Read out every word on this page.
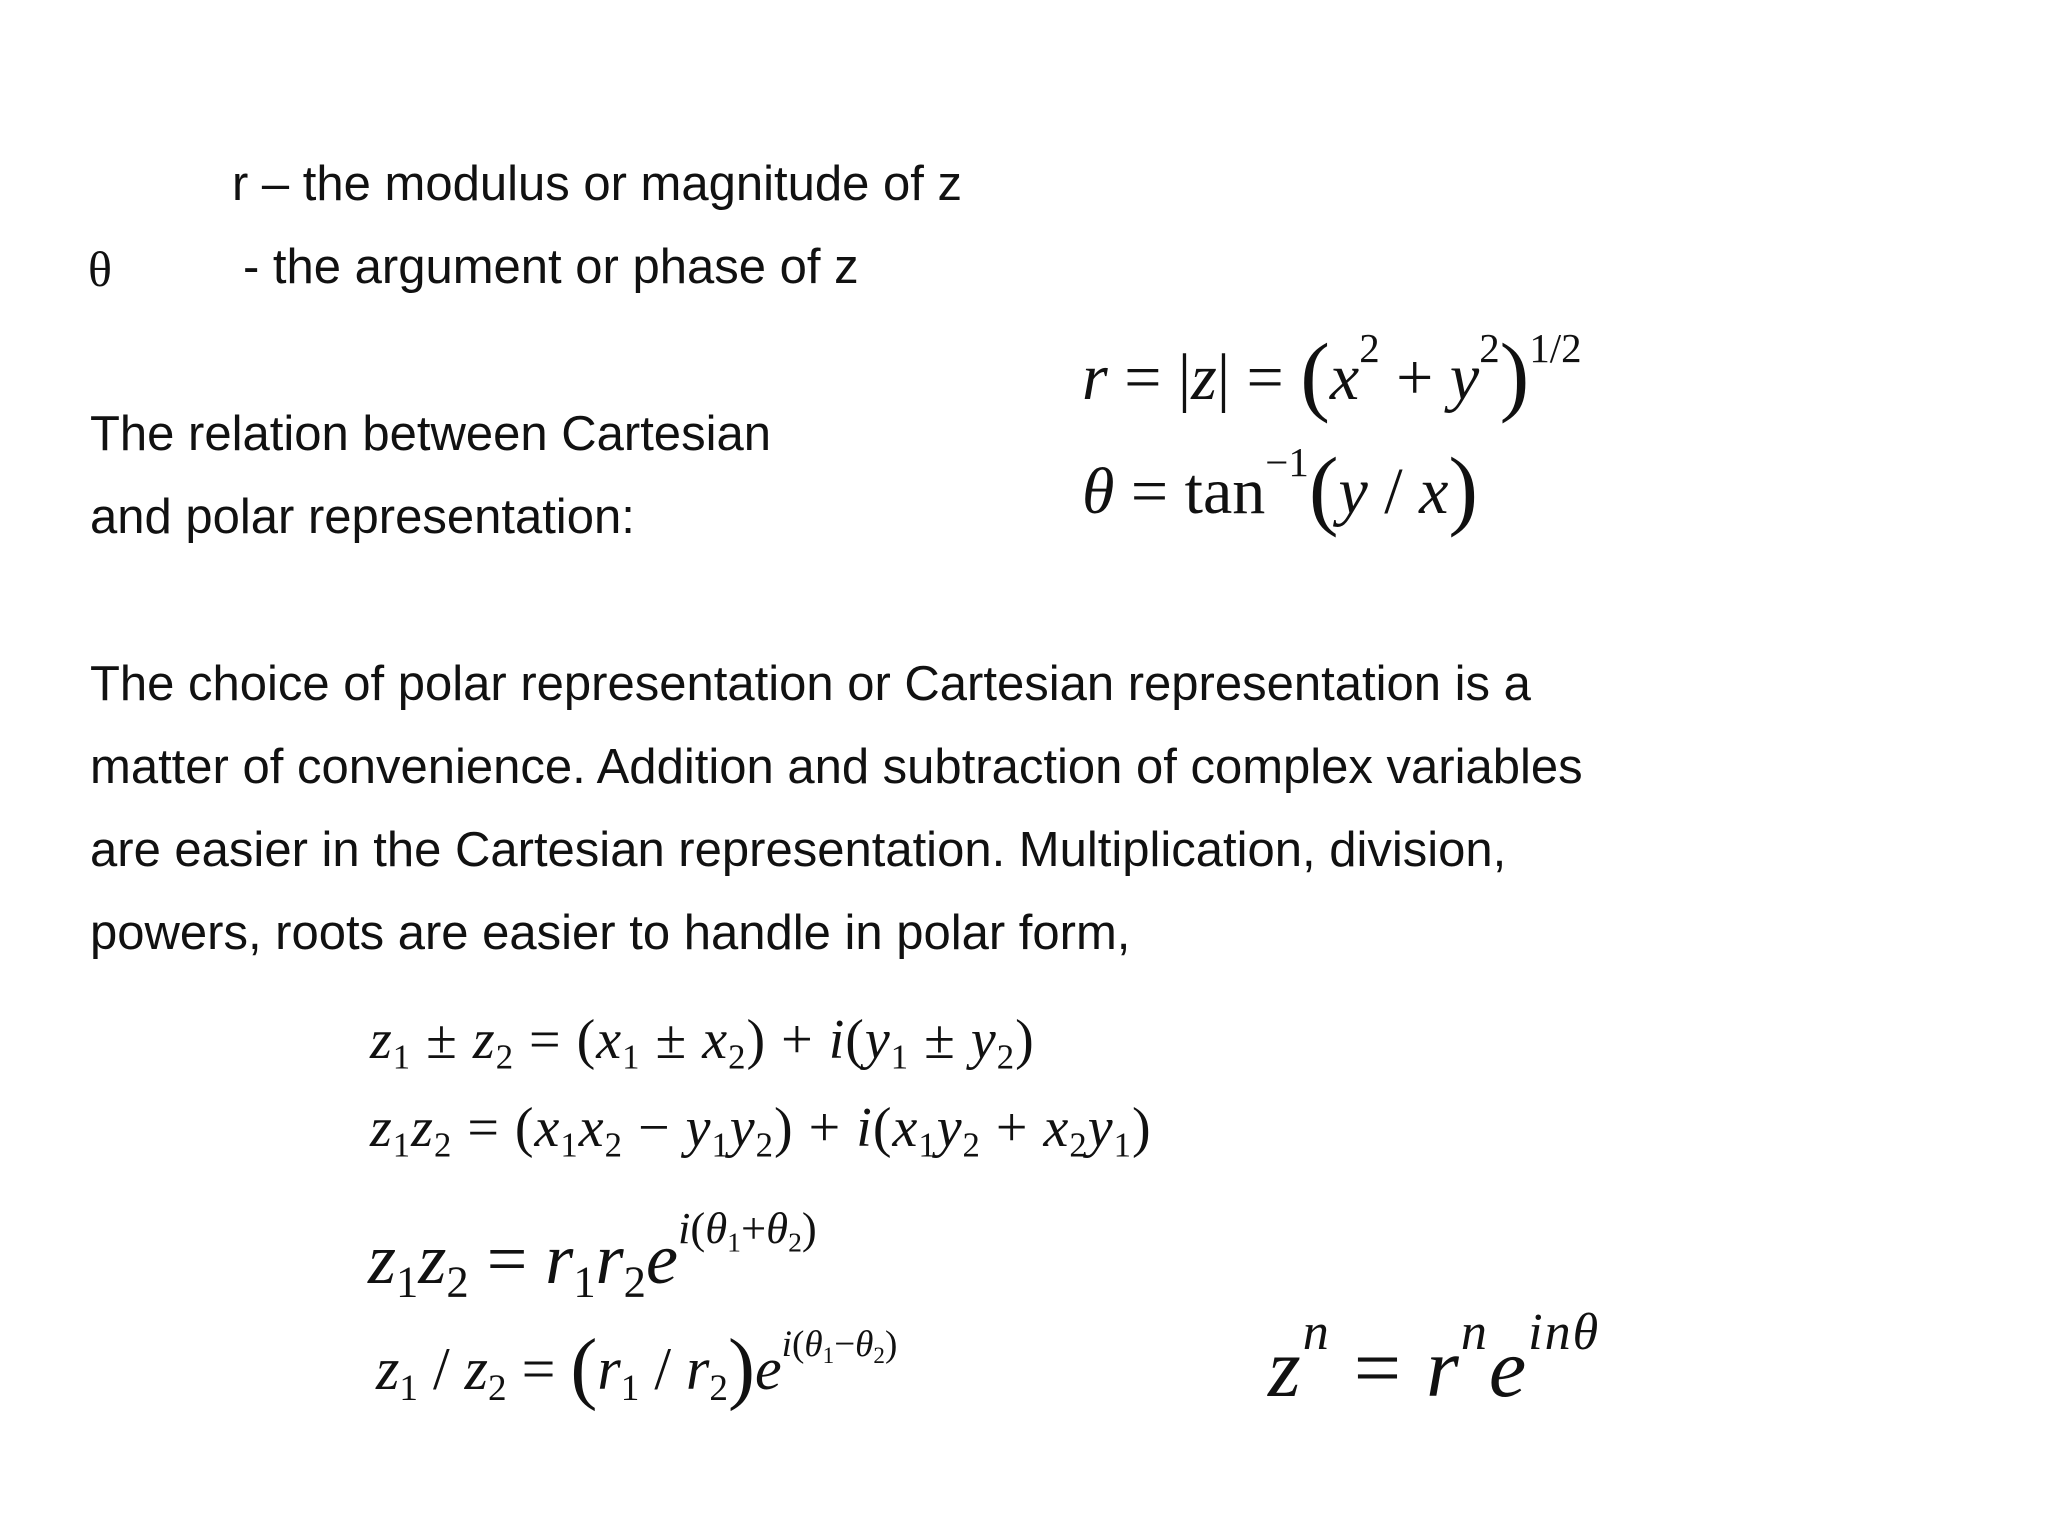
r – the modulus or magnitude of z
θ	- the argument or phase of z
The relation between Cartesian
and polar representation:
$r = |z| = (x^2 + y^2)^{1/2}$
$\theta = \tan^{-1}(y / x)$
The choice of polar representation or Cartesian representation is a
matter of convenience. Addition and subtraction of complex variables
are easier in the Cartesian representation. Multiplication, division,
powers, roots are easier to handle in polar form,
$z_1 \pm z_2 = (x_1 \pm x_2) + i(y_1 \pm y_2)$
$z_1z_2 = (x_1x_2 - y_1y_2) + i(x_1y_2 + x_2y_1)$
$z_1z_2 = r_1r_2e^{i(\theta_1+\theta_2)}$
$z_1 / z_2 = (r_1 / r_2)e^{i(\theta_1-\theta_2)}$	$z^n = r^ne^{in\theta}$
